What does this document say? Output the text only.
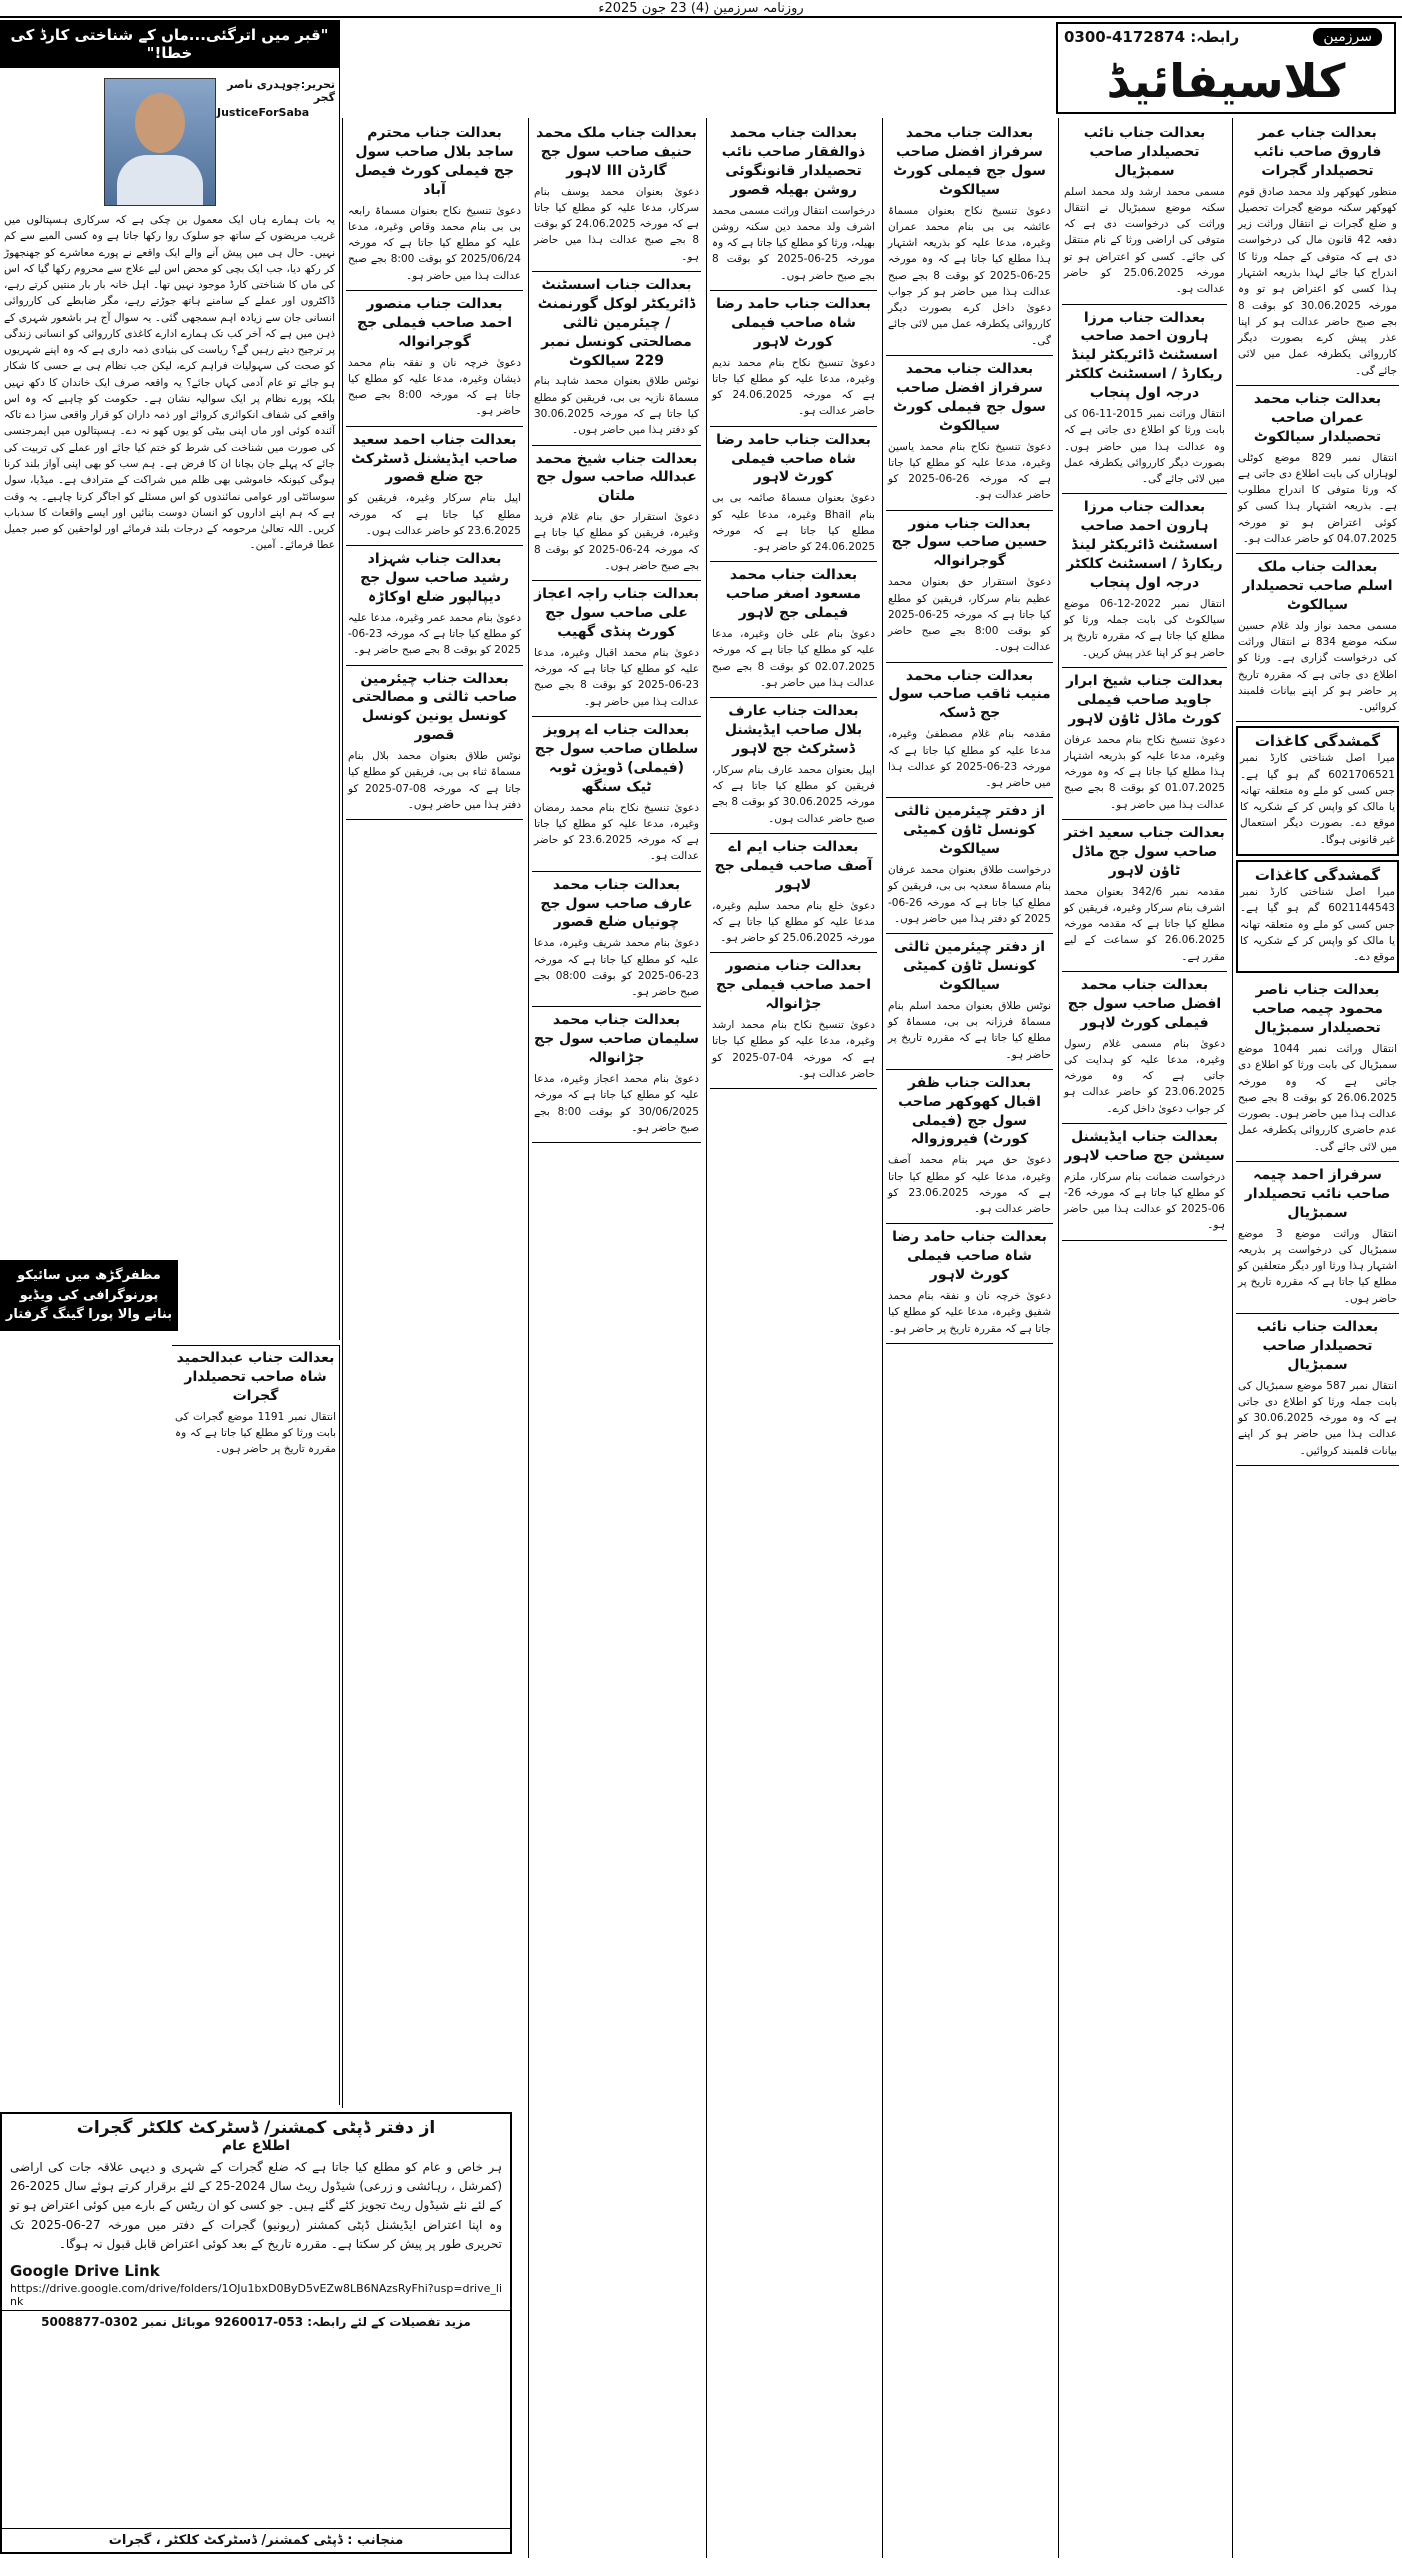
روزنامہ سرزمین (4) 23 جون 2025ء
0300-4172874 :رابطہ	سرزمین
کلاسیفائیڈ
"قبر میں اترگئی...ماں کے شناختی کارڈ کی خطا!"
تحریر:چوہدری ناصر گجر
JusticeForSaba
یہ بات ہمارے ہاں ایک معمول بن چکی ہے کہ سرکاری ہسپتالوں میں غریب مریضوں کے ساتھ جو سلوک روا رکھا جاتا ہے وہ کسی المیے سے کم نہیں۔ حال ہی میں پیش آنے والے ایک واقعے نے پورے معاشرے کو جھنجھوڑ کر رکھ دیا، جب ایک بچی کو محض اس لیے علاج سے محروم رکھا گیا کہ اس کی ماں کا شناختی کارڈ موجود نہیں تھا۔ اہل خانہ بار بار منتیں کرتے رہے، ڈاکٹروں اور عملے کے سامنے ہاتھ جوڑتے رہے، مگر ضابطے کی کارروائی انسانی جان سے زیادہ اہم سمجھی گئی۔ یہ سوال آج ہر باشعور شہری کے ذہن میں ہے کہ آخر کب تک ہمارے ادارے کاغذی کارروائی کو انسانی زندگی پر ترجیح دیتے رہیں گے؟ ریاست کی بنیادی ذمہ داری ہے کہ وہ اپنے شہریوں کو صحت کی سہولیات فراہم کرے، لیکن جب نظام ہی بے حسی کا شکار ہو جائے تو عام آدمی کہاں جائے؟ یہ واقعہ صرف ایک خاندان کا دکھ نہیں بلکہ پورے نظام پر ایک سوالیہ نشان ہے۔ حکومت کو چاہیے کہ وہ اس واقعے کی شفاف انکوائری کروائے اور ذمہ داران کو قرار واقعی سزا دے تاکہ آئندہ کوئی اور ماں اپنی بیٹی کو یوں کھو نہ دے۔ ہسپتالوں میں ایمرجنسی کی صورت میں شناخت کی شرط کو ختم کیا جائے اور عملے کی تربیت کی جائے کہ پہلے جان بچانا ان کا فرض ہے۔ ہم سب کو بھی اپنی آواز بلند کرنا ہوگی کیونکہ خاموشی بھی ظلم میں شراکت کے مترادف ہے۔ میڈیا، سول سوسائٹی اور عوامی نمائندوں کو اس مسئلے کو اجاگر کرنا چاہیے۔ یہ وقت ہے کہ ہم اپنے اداروں کو انسان دوست بنائیں اور ایسے واقعات کا سدباب کریں۔ اللہ تعالیٰ مرحومہ کے درجات بلند فرمائے اور لواحقین کو صبر جمیل عطا فرمائے۔ آمین۔
مظفرگڑھ میں سائیکو پورنوگرافی کی ویڈیو بنانے والا پورا گینگ گرفتار
بعدالت جناب عمر فاروق صاحب نائب تحصیلدار گجرات
منظور کھوکھر ولد محمد صادق قوم کھوکھر سکنہ موضع گجرات تحصیل و ضلع گجرات نے انتقال وراثت زیر دفعہ 42 قانون مال کی درخواست دی ہے کہ متوفی کے جملہ ورثا کا اندراج کیا جائے لہذا بذریعہ اشتہار ہذا کسی کو اعتراض ہو تو وہ مورخہ 30.06.2025 کو بوقت 8 بجے صبح حاضر عدالت ہو کر اپنا عذر پیش کرے بصورت دیگر کارروائی یکطرفہ عمل میں لائی جائے گی۔
بعدالت جناب محمد عمران صاحب تحصیلدار سیالکوٹ
انتقال نمبر 829 موضع کوٹلی لوہاراں کی بابت اطلاع دی جاتی ہے کہ ورثا متوفی کا اندراج مطلوب ہے۔ بذریعہ اشتہار ہذا کسی کو کوئی اعتراض ہو تو مورخہ 04.07.2025 کو حاضر عدالت ہو۔
بعدالت جناب ملک اسلم صاحب تحصیلدار سیالکوٹ
مسمی محمد نواز ولد غلام حسین سکنہ موضع 834 نے انتقال وراثت کی درخواست گزاری ہے۔ ورثا کو اطلاع دی جاتی ہے کہ مقررہ تاریخ پر حاضر ہو کر اپنے بیانات قلمبند کروائیں۔
گمشدگی کاغذات
میرا اصل شناختی کارڈ نمبر 6021706521 گم ہو گیا ہے۔ جس کسی کو ملے وہ متعلقہ تھانہ یا مالک کو واپس کر کے شکریہ کا موقع دے۔ بصورت دیگر استعمال غیر قانونی ہوگا۔
گمشدگی کاغذات
میرا اصل شناختی کارڈ نمبر 6021144543 گم ہو گیا ہے۔ جس کسی کو ملے وہ متعلقہ تھانہ یا مالک کو واپس کر کے شکریہ کا موقع دے۔
بعدالت جناب ناصر محمود چیمہ صاحب تحصیلدار سمبڑیال
انتقال وراثت نمبر 1044 موضع سمبڑیال کی بابت ورثا کو اطلاع دی جاتی ہے کہ وہ مورخہ 26.06.2025 کو بوقت 8 بجے صبح عدالت ہذا میں حاضر ہوں۔ بصورت عدم حاضری کارروائی یکطرفہ عمل میں لائی جائے گی۔
سرفراز احمد چیمہ صاحب نائب تحصیلدار سمبڑیال
انتقال وراثت موضع 3 موضع سمبڑیال کی درخواست پر بذریعہ اشتہار ہذا ورثا اور دیگر متعلقین کو مطلع کیا جاتا ہے کہ مقررہ تاریخ پر حاضر ہوں۔
بعدالت جناب نائب تحصیلدار صاحب سمبڑیال
انتقال نمبر 587 موضع سمبڑیال کی بابت جملہ ورثا کو اطلاع دی جاتی ہے کہ وہ مورخہ 30.06.2025 کو عدالت ہذا میں حاضر ہو کر اپنے بیانات قلمبند کروائیں۔
بعدالت جناب نائب تحصیلدار صاحب سمبڑیال
مسمی محمد ارشد ولد محمد اسلم سکنہ موضع سمبڑیال نے انتقال وراثت کی درخواست دی ہے کہ متوفی کی اراضی ورثا کے نام منتقل کی جائے۔ کسی کو اعتراض ہو تو مورخہ 25.06.2025 کو حاضر عدالت ہو۔
بعدالت جناب مرزا ہارون احمد صاحب اسسٹنٹ ڈائریکٹر لینڈ ریکارڈ / اسسٹنٹ کلکٹر درجہ اول پنجاب
انتقال وراثت نمبر 2015-11-06 کی بابت ورثا کو اطلاع دی جاتی ہے کہ وہ عدالت ہذا میں حاضر ہوں۔ بصورت دیگر کارروائی یکطرفہ عمل میں لائی جائے گی۔
بعدالت جناب مرزا ہارون احمد صاحب اسسٹنٹ ڈائریکٹر لینڈ ریکارڈ / اسسٹنٹ کلکٹر درجہ اول پنجاب
انتقال نمبر 2022-12-06 موضع سیالکوٹ کی بابت جملہ ورثا کو مطلع کیا جاتا ہے کہ مقررہ تاریخ پر حاضر ہو کر اپنا عذر پیش کریں۔
بعدالت جناب شیخ ابرار جاوید صاحب فیملی کورٹ ماڈل ٹاؤن لاہور
دعویٰ تنسیخ نکاح بنام محمد عرفان وغیرہ، مدعا علیہ کو بذریعہ اشتہار ہذا مطلع کیا جاتا ہے کہ وہ مورخہ 01.07.2025 کو بوقت 8 بجے صبح عدالت ہذا میں حاضر ہو۔
بعدالت جناب سعید اختر صاحب سول جج ماڈل ٹاؤن لاہور
مقدمہ نمبر 342/6 بعنوان محمد اشرف بنام سرکار وغیرہ، فریقین کو مطلع کیا جاتا ہے کہ مقدمہ مورخہ 26.06.2025 کو سماعت کے لیے مقرر ہے۔
بعدالت جناب محمد افضل صاحب سول جج فیملی کورٹ لاہور
دعویٰ بنام مسمی غلام رسول وغیرہ، مدعا علیہ کو ہدایت کی جاتی ہے کہ وہ مورخہ 23.06.2025 کو حاضر عدالت ہو کر جواب دعویٰ داخل کرے۔
بعدالت جناب ایڈیشنل سیشن جج صاحب لاہور
درخواست ضمانت بنام سرکار، ملزم کو مطلع کیا جاتا ہے کہ مورخہ 26-06-2025 کو عدالت ہذا میں حاضر ہو۔
بعدالت جناب محمد سرفراز افضل صاحب سول جج فیملی کورٹ سیالکوٹ
دعویٰ تنسیخ نکاح بعنوان مسماۃ عائشہ بی بی بنام محمد عمران وغیرہ، مدعا علیہ کو بذریعہ اشتہار ہذا مطلع کیا جاتا ہے کہ وہ مورخہ 25-06-2025 کو بوقت 8 بجے صبح عدالت ہذا میں حاضر ہو کر جواب دعویٰ داخل کرے بصورت دیگر کارروائی یکطرفہ عمل میں لائی جائے گی۔
بعدالت جناب محمد سرفراز افضل صاحب سول جج فیملی کورٹ سیالکوٹ
دعویٰ تنسیخ نکاح بنام محمد یاسین وغیرہ، مدعا علیہ کو مطلع کیا جاتا ہے کہ مورخہ 26-06-2025 کو حاضر عدالت ہو۔
بعدالت جناب منور حسین صاحب سول جج گوجرانوالہ
دعویٰ استقرار حق بعنوان محمد عظیم بنام سرکار، فریقین کو مطلع کیا جاتا ہے کہ مورخہ 25-06-2025 کو بوقت 8:00 بجے صبح حاضر عدالت ہوں۔
بعدالت جناب محمد منیب ثاقب صاحب سول جج ڈسکہ
مقدمہ بنام غلام مصطفیٰ وغیرہ، مدعا علیہ کو مطلع کیا جاتا ہے کہ مورخہ 23-06-2025 کو عدالت ہذا میں حاضر ہو۔
از دفتر چیئرمین ثالثی کونسل ٹاؤن کمیٹی سیالکوٹ
درخواست طلاق بعنوان محمد عرفان بنام مسماۃ سعدیہ بی بی، فریقین کو مطلع کیا جاتا ہے کہ مورخہ 26-06-2025 کو دفتر ہذا میں حاضر ہوں۔
از دفتر چیئرمین ثالثی کونسل ٹاؤن کمیٹی سیالکوٹ
نوٹس طلاق بعنوان محمد اسلم بنام مسماۃ فرزانہ بی بی، مسماۃ کو مطلع کیا جاتا ہے کہ مقررہ تاریخ پر حاضر ہو۔
بعدالت جناب ظفر اقبال کھوکھر صاحب سول جج (فیملی کورٹ) فیروزوالہ
دعویٰ حق مہر بنام محمد آصف وغیرہ، مدعا علیہ کو مطلع کیا جاتا ہے کہ مورخہ 23.06.2025 کو حاضر عدالت ہو۔
بعدالت جناب حامد رضا شاہ صاحب فیملی کورٹ لاہور
دعویٰ خرچہ نان و نفقہ بنام محمد شفیق وغیرہ، مدعا علیہ کو مطلع کیا جاتا ہے کہ مقررہ تاریخ پر حاضر ہو۔
بعدالت جناب محمد ذوالفقار صاحب نائب تحصیلدار قانونگوئی روشن بھیلہ قصور
درخواست انتقال وراثت مسمی محمد اشرف ولد محمد دین سکنہ روشن بھیلہ، ورثا کو مطلع کیا جاتا ہے کہ وہ مورخہ 25-06-2025 کو بوقت 8 بجے صبح حاضر ہوں۔
بعدالت جناب حامد رضا شاہ صاحب فیملی کورٹ لاہور
دعویٰ تنسیخ نکاح بنام محمد ندیم وغیرہ، مدعا علیہ کو مطلع کیا جاتا ہے کہ مورخہ 24.06.2025 کو حاضر عدالت ہو۔
بعدالت جناب حامد رضا شاہ صاحب فیملی کورٹ لاہور
دعویٰ بعنوان مسماۃ صائمہ بی بی بنام Bhail وغیرہ، مدعا علیہ کو مطلع کیا جاتا ہے کہ مورخہ 24.06.2025 کو حاضر ہو۔
بعدالت جناب محمد مسعود اصغر صاحب فیملی جج لاہور
دعویٰ بنام علی خان وغیرہ، مدعا علیہ کو مطلع کیا جاتا ہے کہ مورخہ 02.07.2025 کو بوقت 8 بجے صبح عدالت ہذا میں حاضر ہو۔
بعدالت جناب عارف بلال صاحب ایڈیشنل ڈسٹرکٹ جج لاہور
اپیل بعنوان محمد عارف بنام سرکار، فریقین کو مطلع کیا جاتا ہے کہ مورخہ 30.06.2025 کو بوقت 8 بجے صبح حاضر عدالت ہوں۔
بعدالت جناب ایم اے آصف صاحب فیملی جج لاہور
دعویٰ خلع بنام محمد سلیم وغیرہ، مدعا علیہ کو مطلع کیا جاتا ہے کہ مورخہ 25.06.2025 کو حاضر ہو۔
بعدالت جناب منصور احمد صاحب فیملی جج جڑانوالہ
دعویٰ تنسیخ نکاح بنام محمد ارشد وغیرہ، مدعا علیہ کو مطلع کیا جاتا ہے کہ مورخہ 04-07-2025 کو حاضر عدالت ہو۔
بعدالت جناب ملک محمد حنیف صاحب سول جج گارڈن III لاہور
دعویٰ بعنوان محمد یوسف بنام سرکار، مدعا علیہ کو مطلع کیا جاتا ہے کہ مورخہ 24.06.2025 کو بوقت 8 بجے صبح عدالت ہذا میں حاضر ہو۔
بعدالت جناب اسسٹنٹ ڈائریکٹر لوکل گورنمنٹ / چیئرمین ثالثی مصالحتی کونسل نمبر 229 سیالکوٹ
نوٹس طلاق بعنوان محمد شاہد بنام مسماۃ نازیہ بی بی، فریقین کو مطلع کیا جاتا ہے کہ مورخہ 30.06.2025 کو دفتر ہذا میں حاضر ہوں۔
بعدالت جناب شیخ محمد عبداللہ صاحب سول جج ملتان
دعویٰ استقرار حق بنام غلام فرید وغیرہ، فریقین کو مطلع کیا جاتا ہے کہ مورخہ 24-06-2025 کو بوقت 8 بجے صبح حاضر ہوں۔
بعدالت جناب راجہ اعجاز علی صاحب سول جج کورٹ پنڈی گھیب
دعویٰ بنام محمد اقبال وغیرہ، مدعا علیہ کو مطلع کیا جاتا ہے کہ مورخہ 23-06-2025 کو بوقت 8 بجے صبح عدالت ہذا میں حاضر ہو۔
بعدالت جناب اے پرویز سلطان صاحب سول جج (فیملی) ڈویژن ٹوبہ ٹیک سنگھ
دعویٰ تنسیخ نکاح بنام محمد رمضان وغیرہ، مدعا علیہ کو مطلع کیا جاتا ہے کہ مورخہ 23.6.2025 کو حاضر عدالت ہو۔
بعدالت جناب محمد عارف صاحب سول جج چونیاں ضلع قصور
دعویٰ بنام محمد شریف وغیرہ، مدعا علیہ کو مطلع کیا جاتا ہے کہ مورخہ 23-06-2025 کو بوقت 08:00 بجے صبح حاضر ہو۔
بعدالت جناب محمد سلیمان صاحب سول جج جڑانوالہ
دعویٰ بنام محمد اعجاز وغیرہ، مدعا علیہ کو مطلع کیا جاتا ہے کہ مورخہ 30/06/2025 کو بوقت 8:00 بجے صبح حاضر ہو۔
بعدالت جناب محترم ساجد بلال صاحب سول جج فیملی کورٹ فیصل آباد
دعویٰ تنسیخ نکاح بعنوان مسماۃ رابعہ بی بی بنام محمد وقاص وغیرہ، مدعا علیہ کو مطلع کیا جاتا ہے کہ مورخہ 2025/06/24 کو بوقت 8:00 بجے صبح عدالت ہذا میں حاضر ہو۔
بعدالت جناب منصور احمد صاحب فیملی جج گوجرانوالہ
دعویٰ خرچہ نان و نفقہ بنام محمد ذیشان وغیرہ، مدعا علیہ کو مطلع کیا جاتا ہے کہ مورخہ 8:00 بجے صبح حاضر ہو۔
بعدالت جناب احمد سعید صاحب ایڈیشنل ڈسٹرکٹ جج ضلع قصور
اپیل بنام سرکار وغیرہ، فریقین کو مطلع کیا جاتا ہے کہ مورخہ 23.6.2025 کو حاضر عدالت ہوں۔
بعدالت جناب شہزاد رشید صاحب سول جج دیپالپور ضلع اوکاڑہ
دعویٰ بنام محمد عمر وغیرہ، مدعا علیہ کو مطلع کیا جاتا ہے کہ مورخہ 23-06-2025 کو بوقت 8 بجے صبح حاضر ہو۔
بعدالت جناب چیئرمین صاحب ثالثی و مصالحتی کونسل یونین کونسل قصور
نوٹس طلاق بعنوان محمد بلال بنام مسماۃ ثناء بی بی، فریقین کو مطلع کیا جاتا ہے کہ مورخہ 08-07-2025 کو دفتر ہذا میں حاضر ہوں۔
بعدالت جناب عبدالحمید شاہ صاحب تحصیلدار گجرات
انتقال نمبر 1191 موضع گجرات کی بابت ورثا کو مطلع کیا جاتا ہے کہ وہ مقررہ تاریخ پر حاضر ہوں۔
از دفتر ڈپٹی کمشنر/ ڈسٹرکٹ کلکٹر گجرات
اطلاع عام
ہر خاص و عام کو مطلع کیا جاتا ہے کہ ضلع گجرات کے شہری و دیہی علاقہ جات کی اراضی (کمرشل ، رہائشی و زرعی) شیڈول ریٹ سال 2024-25 کے لئے برقرار کرتے ہوئے سال 2025-26 کے لئے نئے شیڈول ریٹ تجویز کئے گئے ہیں۔ جو کسی کو ان ریٹس کے بارے میں کوئی اعتراض ہو تو وہ اپنا اعتراض ایڈیشنل ڈپٹی کمشنر (ریونیو) گجرات کے دفتر میں مورخہ 27-06-2025 تک تحریری طور پر پیش کر سکتا ہے۔ مقررہ تاریخ کے بعد کوئی اعتراض قابل قبول نہ ہوگا۔
Google Drive Link
https://drive.google.com/drive/folders/1OJu1bxD0ByD5vEZw8LB6NAzsRyFhi?usp=drive_link
مزید تفصیلات کے لئے رابطہ: 053-9260017 موبائل نمبر 0302-5008877
منجانب : ڈپٹی کمشنر/ ڈسٹرکٹ کلکٹر ، گجرات
